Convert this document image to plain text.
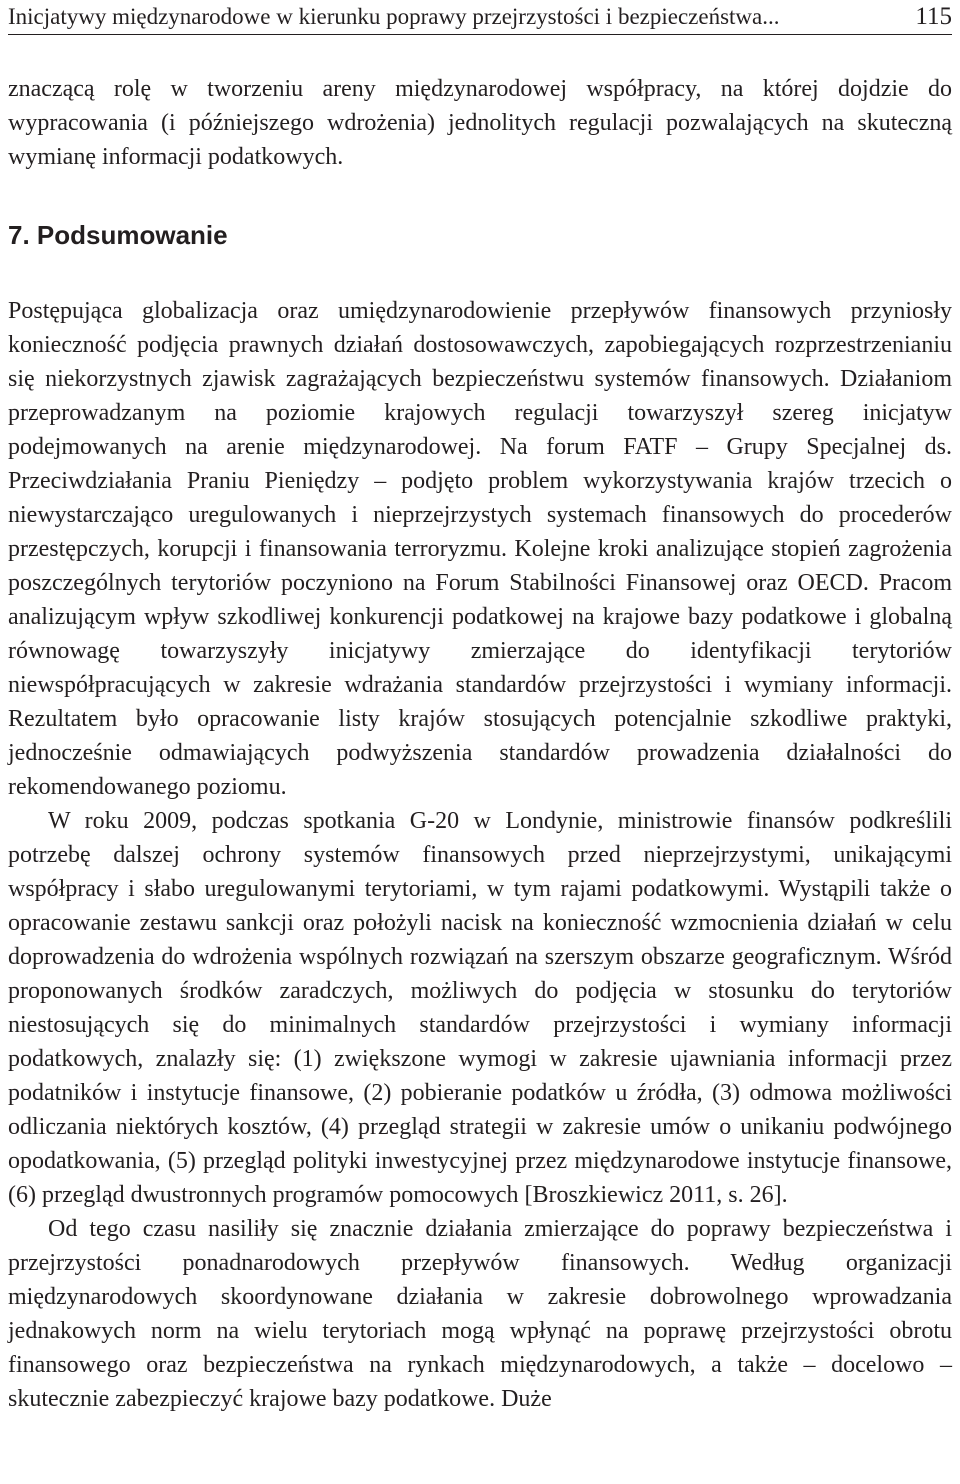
Inicjatywy międzynarodowe w kierunku poprawy przejrzystości i bezpieczeństwa...	115

znaczącą rolę w tworzeniu areny międzynarodowej współpracy, na której dojdzie do wypracowania (i późniejszego wdrożenia) jednolitych regulacji pozwalających na skuteczną wymianę informacji podatkowych.

7. Podsumowanie

Postępująca globalizacja oraz umiędzynarodowienie przepływów finansowych przyniosły konieczność podjęcia prawnych działań dostosowawczych, zapobiegających rozprzestrzenianiu się niekorzystnych zjawisk zagrażających bezpieczeństwu systemów finansowych. Działaniom przeprowadzanym na poziomie krajowych regulacji towarzyszył szereg inicjatyw podejmowanych na arenie międzynarodowej. Na forum FATF – Grupy Specjalnej ds. Przeciwdziałania Praniu Pieniędzy – podjęto problem wykorzystywania krajów trzecich o niewystarczająco uregulowanych i nieprzejrzystych systemach finansowych do procederów przestępczych, korupcji i finansowania terroryzmu. Kolejne kroki analizujące stopień zagrożenia poszczególnych terytoriów poczyniono na Forum Stabilności Finansowej oraz OECD. Pracom analizującym wpływ szkodliwej konkurencji podatkowej na krajowe bazy podatkowe i globalną równowagę towarzyszyły inicjatywy zmierzające do identyfikacji terytoriów niewspółpracujących w zakresie wdrażania standardów przejrzystości i wymiany informacji. Rezultatem było opracowanie listy krajów stosujących potencjalnie szkodliwe praktyki, jednocześnie odmawiających podwyższenia standardów prowadzenia działalności do rekomendowanego poziomu.

W roku 2009, podczas spotkania G-20 w Londynie, ministrowie finansów podkreślili potrzebę dalszej ochrony systemów finansowych przed nieprzejrzystymi, unikającymi współpracy i słabo uregulowanymi terytoriami, w tym rajami podatkowymi. Wystąpili także o opracowanie zestawu sankcji oraz położyli nacisk na konieczność wzmocnienia działań w celu doprowadzenia do wdrożenia wspólnych rozwiązań na szerszym obszarze geograficznym. Wśród proponowanych środków zaradczych, możliwych do podjęcia w stosunku do terytoriów niestosujących się do minimalnych standardów przejrzystości i wymiany informacji podatkowych, znalazły się: (1) zwiększone wymogi w zakresie ujawniania informacji przez podatników i instytucje finansowe, (2) pobieranie podatków u źródła, (3) odmowa możliwości odliczania niektórych kosztów, (4) przegląd strategii w zakresie umów o unikaniu podwójnego opodatkowania, (5) przegląd polityki inwestycyjnej przez międzynarodowe instytucje finansowe, (6) przegląd dwustronnych programów pomocowych [Broszkiewicz 2011, s. 26].

Od tego czasu nasiliły się znacznie działania zmierzające do poprawy bezpieczeństwa i przejrzystości ponadnarodowych przepływów finansowych. Według organizacji międzynarodowych skoordynowane działania w zakresie dobrowolnego wprowadzania jednakowych norm na wielu terytoriach mogą wpłynąć na poprawę przejrzystości obrotu finansowego oraz bezpieczeństwa na rynkach międzynarodowych, a także – docelowo – skutecznie zabezpieczyć krajowe bazy podatkowe. Duże
